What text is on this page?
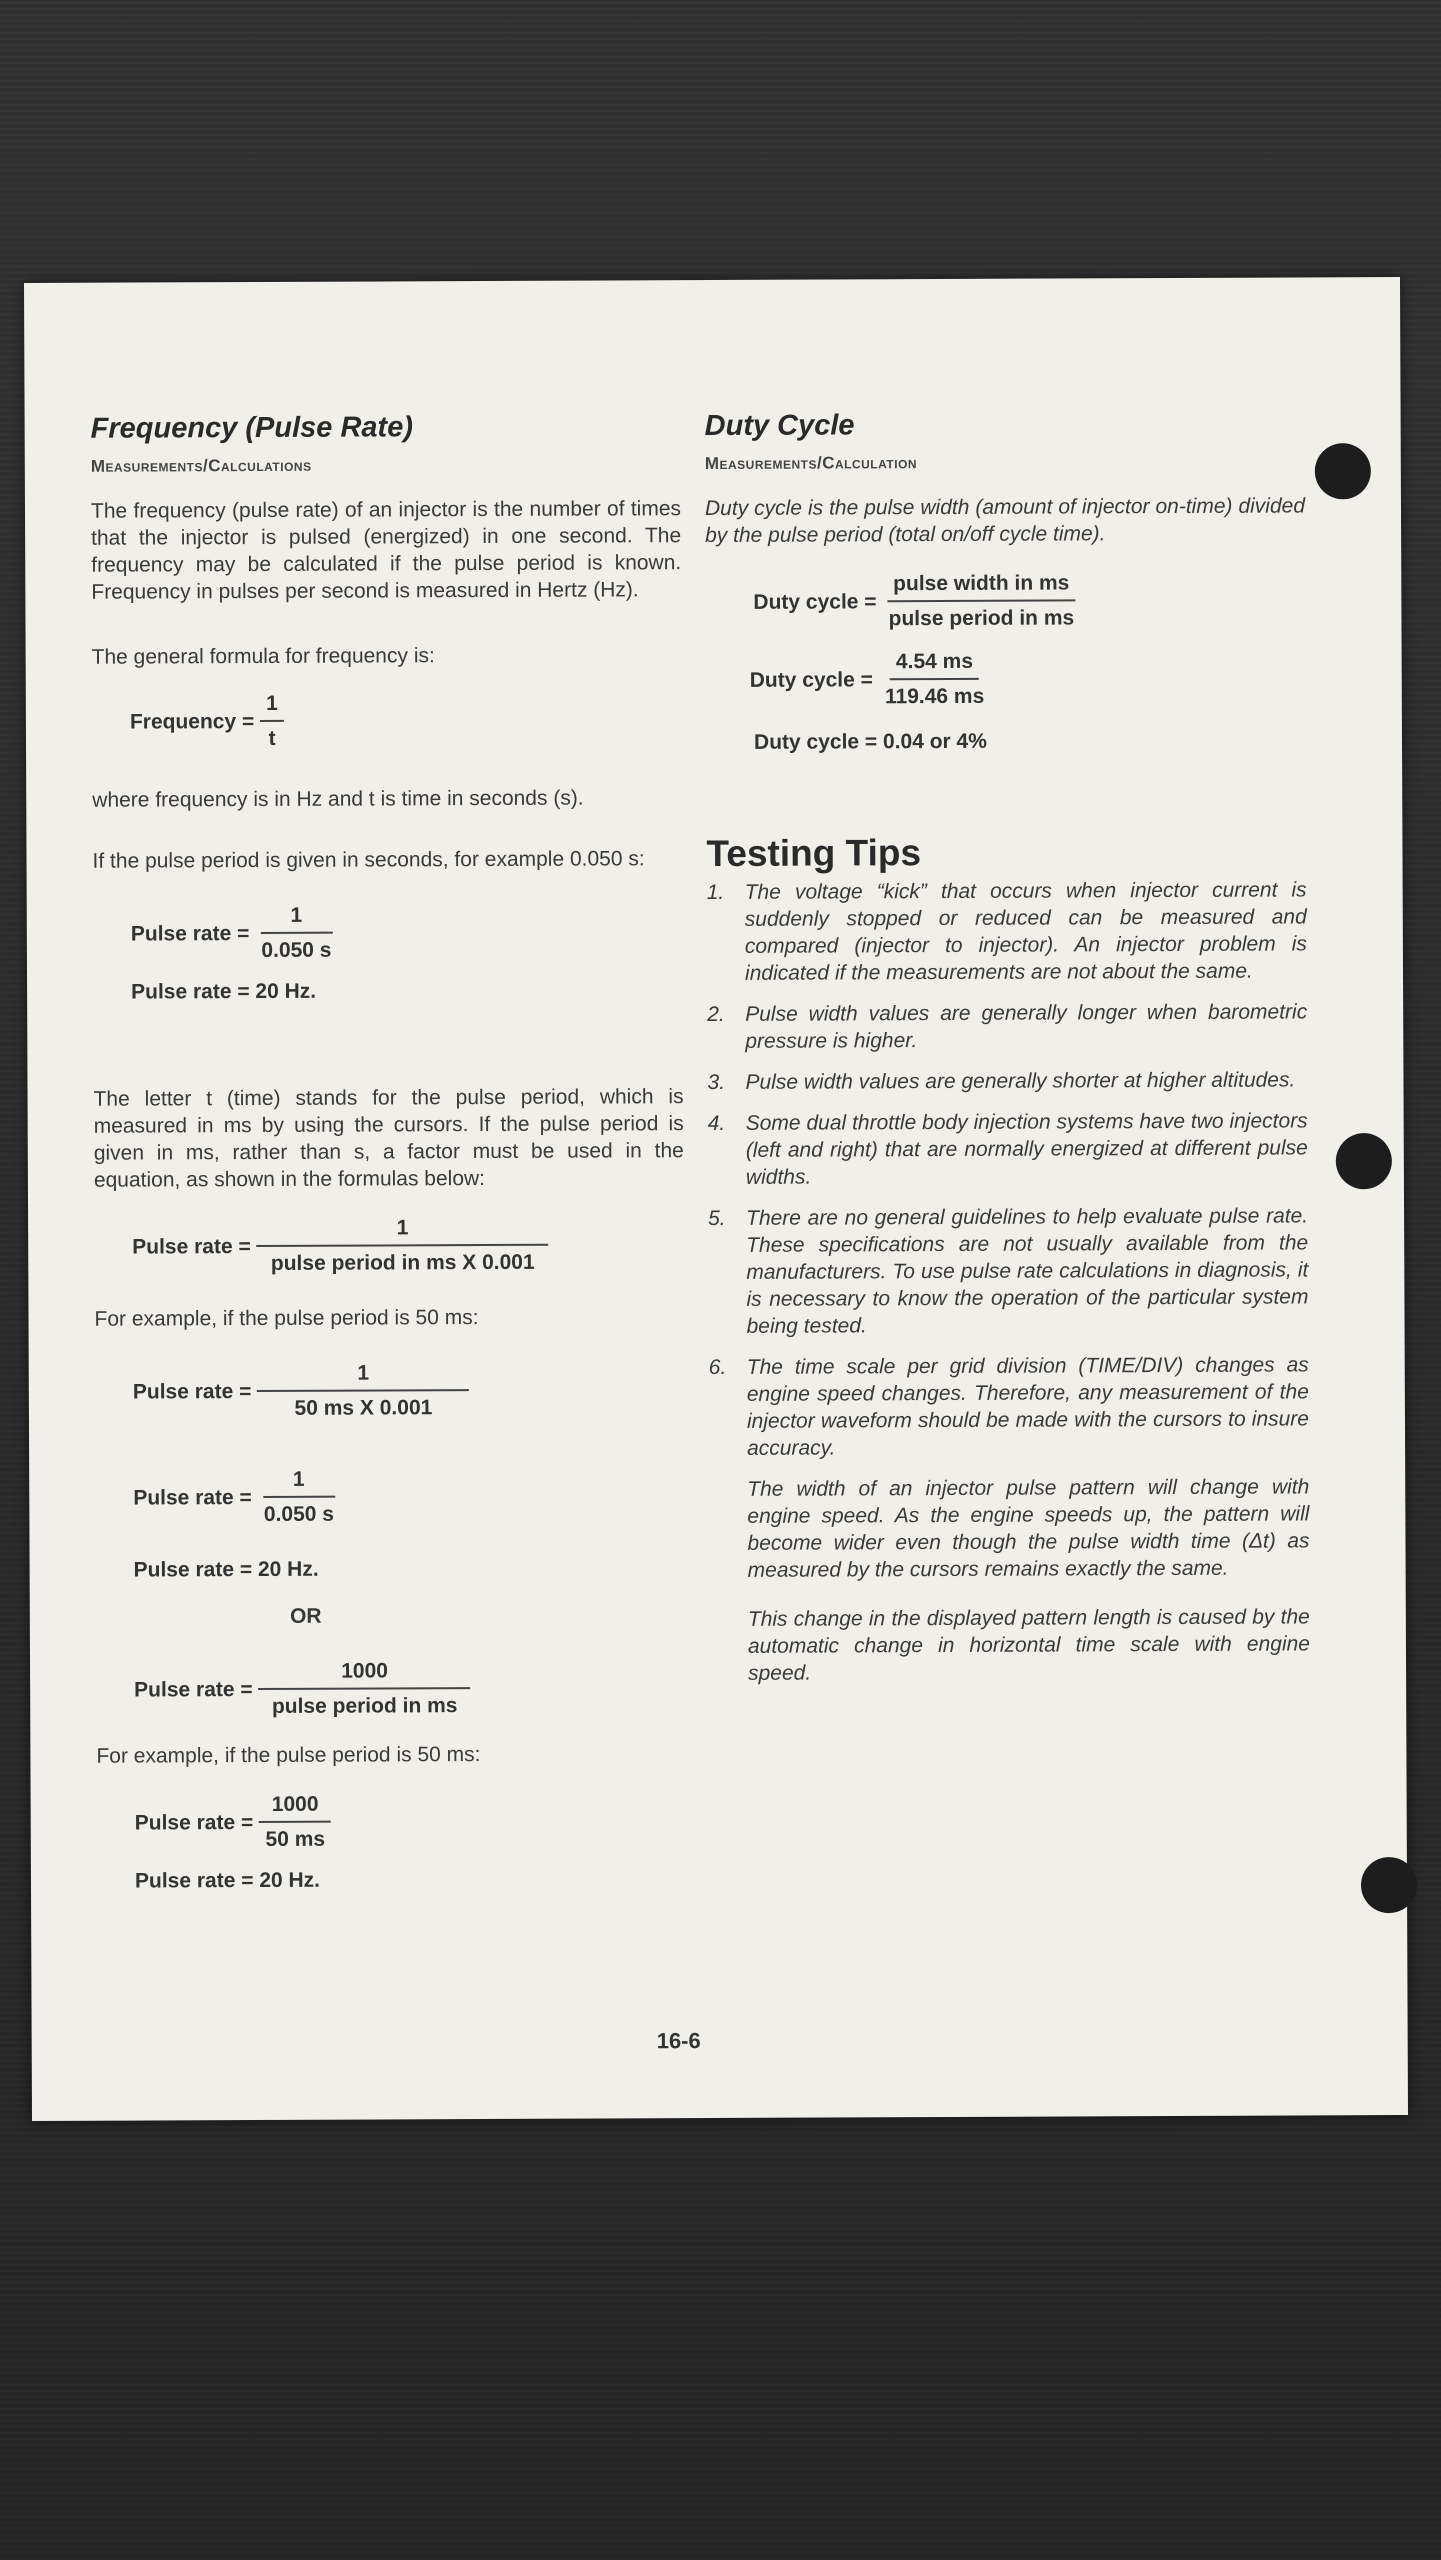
Frequency (Pulse Rate)
Measurements/Calculations

The frequency (pulse rate) of an injector is the number of times that the injector is pulsed (energized) in one second. The frequency may be calculated if the pulse period is known. Frequency in pulses per second is measured in Hertz (Hz).

The general formula for frequency is:

Frequency = $\frac{1}{t}$

where frequency is in Hz and t is time in seconds (s).

If the pulse period is given in seconds, for example 0.050 s:

Pulse rate = $\frac{1}{0.050 s}$
Pulse rate = 20 Hz.

The letter t (time) stands for the pulse period, which is measured in ms by using the cursors. If the pulse period is given in ms, rather than s, a factor must be used in the equation, as shown in the formulas below:

Pulse rate = $\frac{1}{\text{pulse period in ms X 0.001}}$

For example, if the pulse period is 50 ms:

Pulse rate = $\frac{1}{\text{50 ms X 0.001}}$
Pulse rate = $\frac{1}{0.050 s}$
Pulse rate = 20 Hz.
OR
Pulse rate = $\frac{1000}{\text{pulse period in ms}}$

For example, if the pulse period is 50 ms:

Pulse rate = $\frac{1000}{50 ms}$
Pulse rate = 20 Hz.
Duty Cycle
Measurements/Calculation

Duty cycle is the pulse width (amount of injector on-time) divided by the pulse period (total on/off cycle time).

Duty cycle = $\frac{\text{pulse width in ms}}{\text{pulse period in ms}}$
Duty cycle = $\frac{4.54 ms}{119.46 ms}$
Duty cycle = 0.04 or 4%
Testing Tips
1. The voltage “kick” that occurs when injector current is suddenly stopped or reduced can be measured and compared (injector to injector). An injector problem is indicated if the measurements are not about the same.
2. Pulse width values are generally longer when barometric pressure is higher.
3. Pulse width values are generally shorter at higher altitudes.
4. Some dual throttle body injection systems have two injectors (left and right) that are normally energized at different pulse widths.
5. There are no general guidelines to help evaluate pulse rate. These specifications are not usually available from the manufacturers. To use pulse rate calculations in diagnosis, it is necessary to know the operation of the particular system being tested.
6. The time scale per grid division (TIME/DIV) changes as engine speed changes. Therefore, any measurement of the injector waveform should be made with the cursors to insure accuracy.

The width of an injector pulse pattern will change with engine speed. As the engine speeds up, the pattern will become wider even though the pulse width time (Δt) as measured by the cursors remains exactly the same.

This change in the displayed pattern length is caused by the automatic change in horizontal time scale with engine speed.

16-6
